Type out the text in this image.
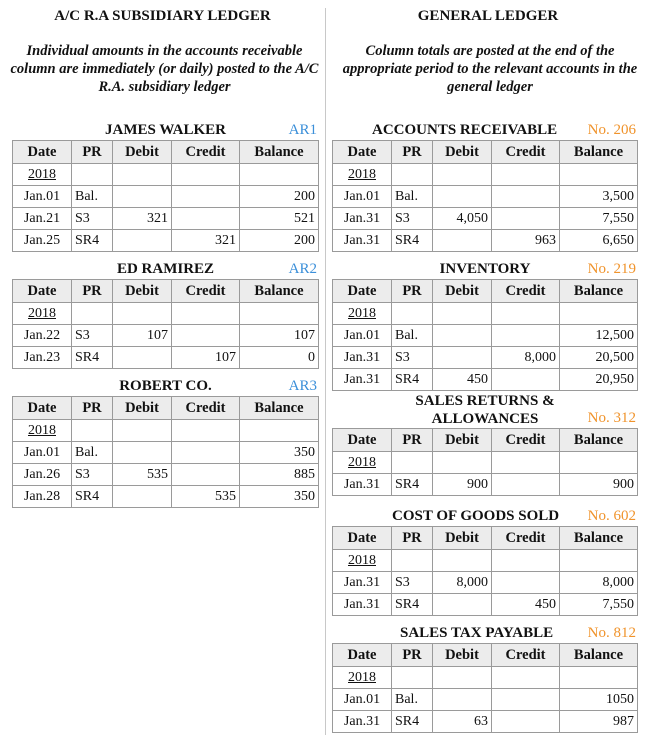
A/C R.A SUBSIDIARY LEDGER
Individual amounts in the accounts receivable column are immediately (or daily) posted to the A/C R.A. subsidiary ledger
JAMES WALKER	AR1
Date	PR	Debit	Credit	Balance
2018				
Jan.01	Bal.			200
Jan.21	S3	321		521
Jan.25	SR4		321	200
ED RAMIREZ	AR2
Date	PR	Debit	Credit	Balance
2018				
Jan.22	S3	107		107
Jan.23	SR4		107	0
ROBERT CO.	AR3
Date	PR	Debit	Credit	Balance
2018				
Jan.01	Bal.			350
Jan.26	S3	535		885
Jan.28	SR4		535	350
GENERAL LEDGER
Column totals are posted at the end of the appropriate period to the relevant accounts in the general ledger
ACCOUNTS RECEIVABLE	No. 206
Date	PR	Debit	Credit	Balance
2018				
Jan.01	Bal.			3,500
Jan.31	S3	4,050		7,550
Jan.31	SR4		963	6,650
INVENTORY	No. 219
Date	PR	Debit	Credit	Balance
2018				
Jan.01	Bal.			12,500
Jan.31	S3		8,000	20,500
Jan.31	SR4	450		20,950
SALES RETURNS &
ALLOWANCES	No. 312
Date	PR	Debit	Credit	Balance
2018				
Jan.31	SR4	900		900
COST OF GOODS SOLD	No. 602
Date	PR	Debit	Credit	Balance
2018				
Jan.31	S3	8,000		8,000
Jan.31	SR4		450	7,550
SALES TAX PAYABLE	No. 812
Date	PR	Debit	Credit	Balance
2018				
Jan.01	Bal.			1050
Jan.31	SR4	63		987
